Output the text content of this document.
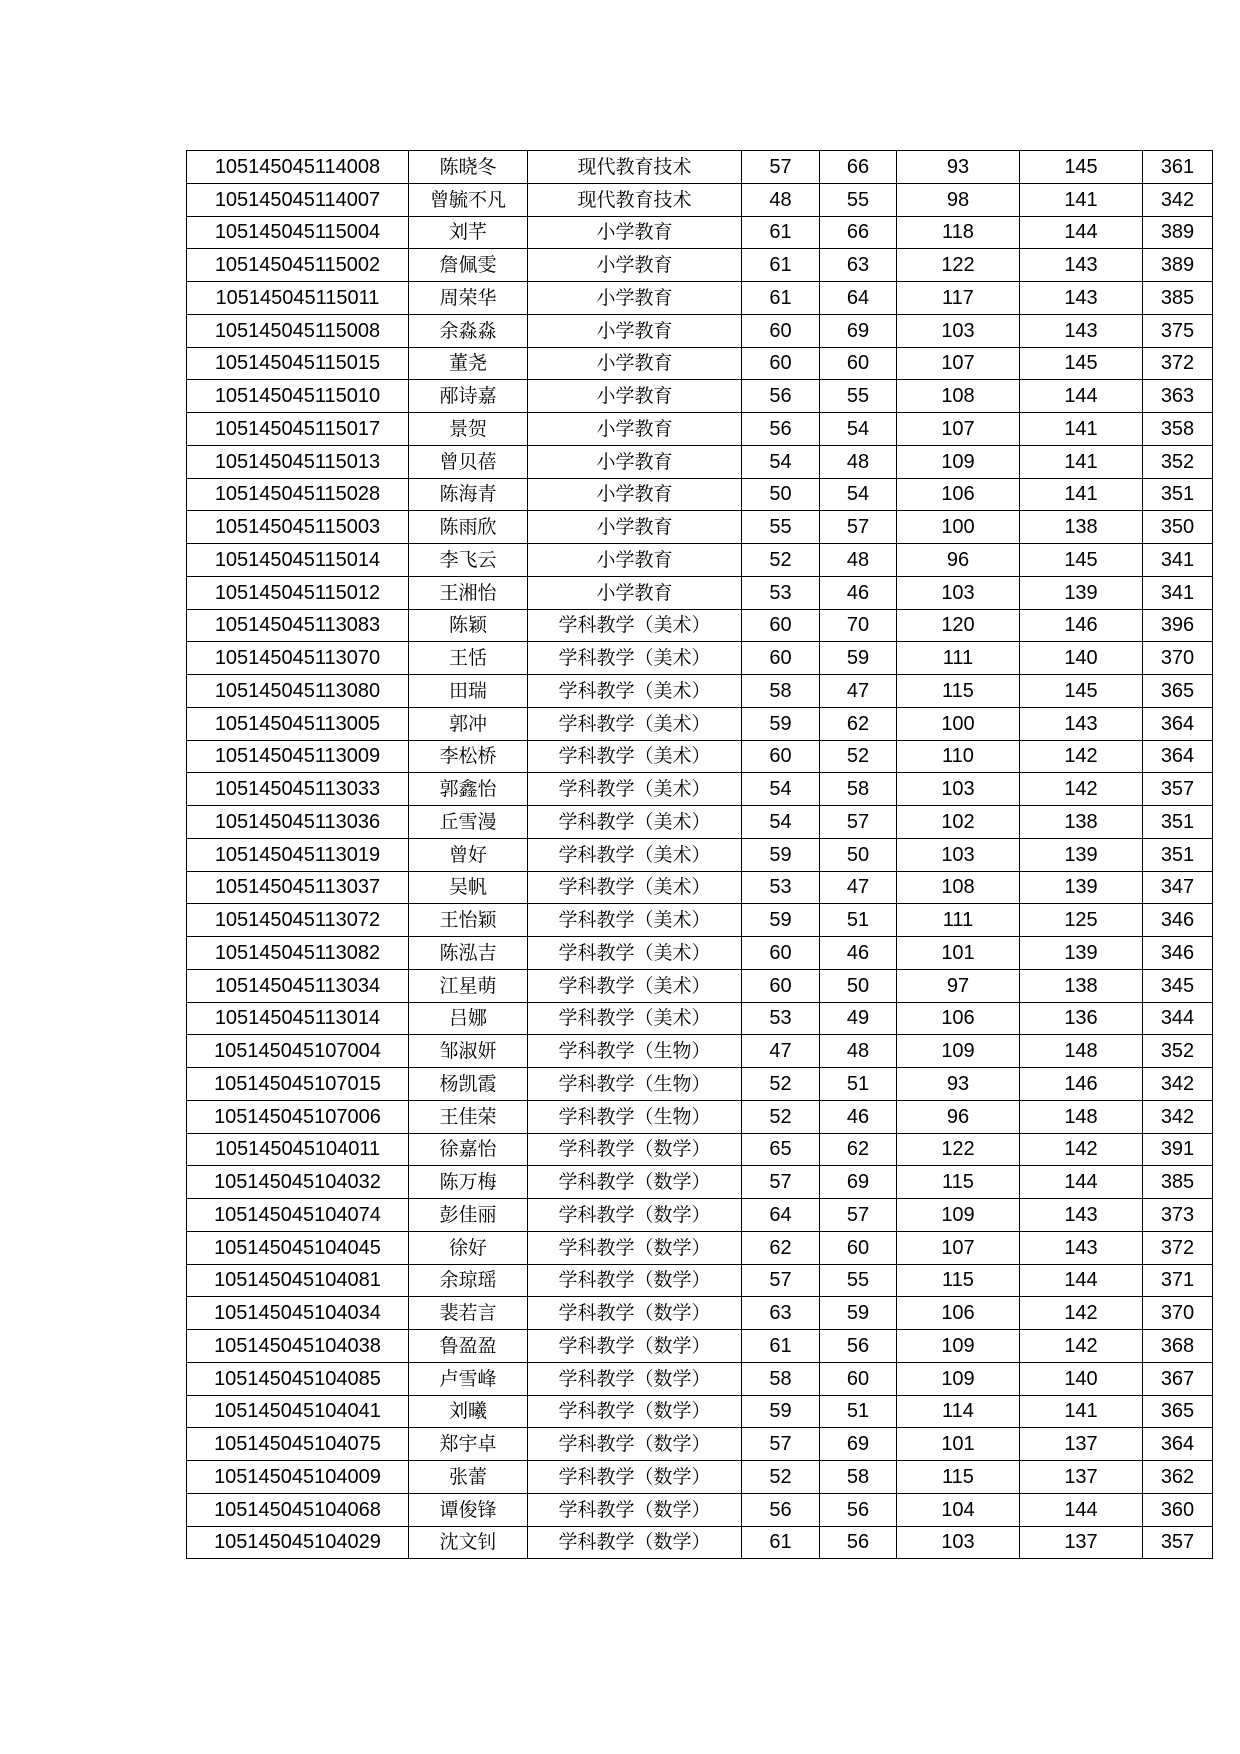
105145045114008	陈晓冬	现代教育技术	57	66	93	145	361
105145045114007	曾毓不凡	现代教育技术	48	55	98	141	342
105145045115004	刘芊	小学教育	61	66	118	144	389
105145045115002	詹佩雯	小学教育	61	63	122	143	389
105145045115011	周荣华	小学教育	61	64	117	143	385
105145045115008	余淼淼	小学教育	60	69	103	143	375
105145045115015	董尧	小学教育	60	60	107	145	372
105145045115010	邴诗嘉	小学教育	56	55	108	144	363
105145045115017	景贺	小学教育	56	54	107	141	358
105145045115013	曾贝蓓	小学教育	54	48	109	141	352
105145045115028	陈海青	小学教育	50	54	106	141	351
105145045115003	陈雨欣	小学教育	55	57	100	138	350
105145045115014	李飞云	小学教育	52	48	96	145	341
105145045115012	王湘怡	小学教育	53	46	103	139	341
105145045113083	陈颖	学科教学（美术）	60	70	120	146	396
105145045113070	王恬	学科教学（美术）	60	59	111	140	370
105145045113080	田瑞	学科教学（美术）	58	47	115	145	365
105145045113005	郭冲	学科教学（美术）	59	62	100	143	364
105145045113009	李松桥	学科教学（美术）	60	52	110	142	364
105145045113033	郭鑫怡	学科教学（美术）	54	58	103	142	357
105145045113036	丘雪漫	学科教学（美术）	54	57	102	138	351
105145045113019	曾好	学科教学（美术）	59	50	103	139	351
105145045113037	吴帆	学科教学（美术）	53	47	108	139	347
105145045113072	王怡颖	学科教学（美术）	59	51	111	125	346
105145045113082	陈泓吉	学科教学（美术）	60	46	101	139	346
105145045113034	江星萌	学科教学（美术）	60	50	97	138	345
105145045113014	吕娜	学科教学（美术）	53	49	106	136	344
105145045107004	邹淑妍	学科教学（生物）	47	48	109	148	352
105145045107015	杨凯霞	学科教学（生物）	52	51	93	146	342
105145045107006	王佳荣	学科教学（生物）	52	46	96	148	342
105145045104011	徐嘉怡	学科教学（数学）	65	62	122	142	391
105145045104032	陈万梅	学科教学（数学）	57	69	115	144	385
105145045104074	彭佳丽	学科教学（数学）	64	57	109	143	373
105145045104045	徐好	学科教学（数学）	62	60	107	143	372
105145045104081	余琼瑶	学科教学（数学）	57	55	115	144	371
105145045104034	裴若言	学科教学（数学）	63	59	106	142	370
105145045104038	鲁盈盈	学科教学（数学）	61	56	109	142	368
105145045104085	卢雪峰	学科教学（数学）	58	60	109	140	367
105145045104041	刘曦	学科教学（数学）	59	51	114	141	365
105145045104075	郑宇卓	学科教学（数学）	57	69	101	137	364
105145045104009	张蕾	学科教学（数学）	52	58	115	137	362
105145045104068	谭俊锋	学科教学（数学）	56	56	104	144	360
105145045104029	沈文钊	学科教学（数学）	61	56	103	137	357
